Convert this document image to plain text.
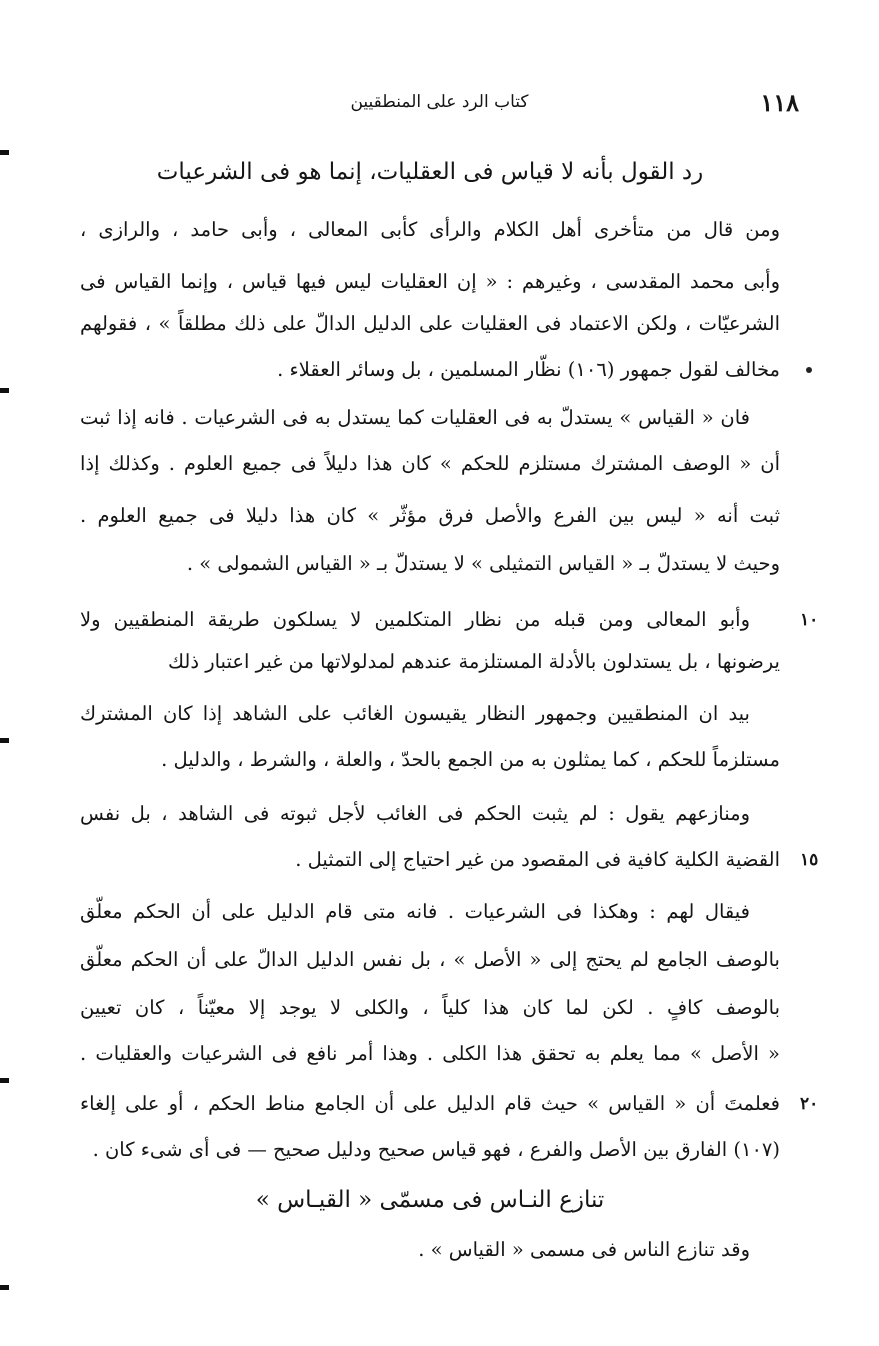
كتاب الرد على المنطقيين	١١٨
رد القول بأنه لا قياس فى العقليات، إنما هو فى الشرعيات
ومن قال من متأخرى أهل الكلام والرأى كأبى المعالى ، وأبى حامد ، والرازى ،
وأبى محمد المقدسى ، وغيرهم : « إن العقليات ليس فيها قياس ، وإنما القياس فى
الشرعيّات ، ولكن الاعتماد فى العقليات على الدليل الدالّ على ذلك مطلقاً » ، فقولهم
مخالف لقول جمهور (١٠٦) نظّار المسلمين ، بل وسائر العقلاء .
فان « القياس » يستدلّ به فى العقليات كما يستدل به فى الشرعيات . فانه إذا ثبت
أن « الوصف المشترك مستلزم للحكم » كان هذا دليلاً فى جميع العلوم . وكذلك إذا
ثبت أنه « ليس بين الفرع والأصل فرق مؤثّر » كان هذا دليلا فى جميع العلوم .
وحيث لا يستدلّ بـ « القياس التمثيلى » لا يستدلّ بـ « القياس الشمولى » .
وأبو المعالى ومن قبله من نظار المتكلمين لا يسلكون طريقة المنطقيين ولا	١٠
يرضونها ، بل يستدلون بالأدلة المستلزمة عندهم لمدلولاتها من غير اعتبار ذلك
بيد ان المنطقيين وجمهور النظار يقيسون الغائب على الشاهد إذا كان المشترك
مستلزماً للحكم ، كما يمثلون به من الجمع بالحدّ ، والعلة ، والشرط ، والدليل .
ومنازعهم يقول : لم يثبت الحكم فى الغائب لأجل ثبوته فى الشاهد ، بل نفس
القضية الكلية كافية فى المقصود من غير احتياج إلى التمثيل . ١٥
فيقال لهم : وهكذا فى الشرعيات . فانه متى قام الدليل على أن الحكم معلّق
بالوصف الجامع لم يحتج إلى « الأصل » ، بل نفس الدليل الدالّ على أن الحكم معلّق
بالوصف كافٍ . لكن لما كان هذا كلياً ، والكلى لا يوجد إلا معيّناً ، كان تعيين
« الأصل » مما يعلم به تحقق هذا الكلى . وهذا أمر نافع فى الشرعيات والعقليات .
فعلمتَ أن « القياس » حيث قام الدليل على أن الجامع مناط الحكم ، أو على إلغاء ٢٠
(١٠٧) الفارق بين الأصل والفرع ، فهو قياس صحيح ودليل صحيح — فى أى شىء كان .
تنازع النـاس فى مسمّى « القيـاس »
وقد تنازع الناس فى مسمى « القياس » .
